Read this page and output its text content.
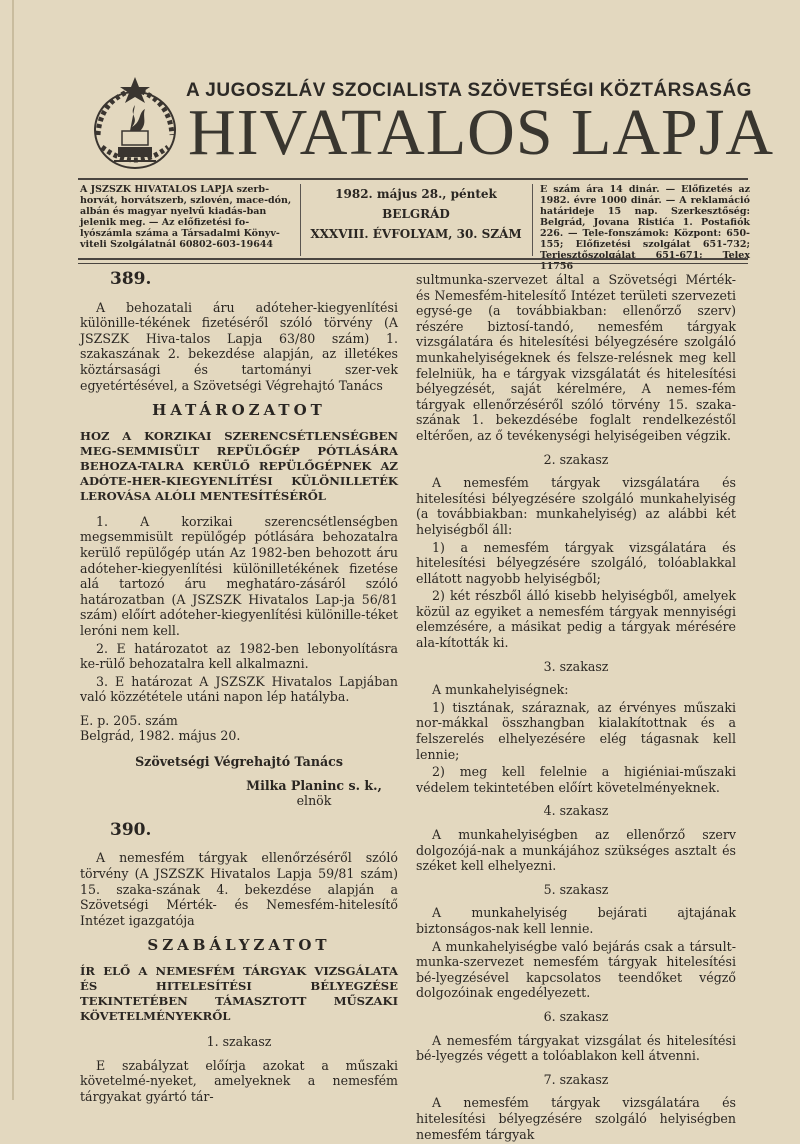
A JUGOSZLÁV SZOCIALISTA SZÖVETSÉGI KÖZTÁRSASÁG
HIVATALOS LAPJA
A JSZSZK HIVATALOS LAPJA szerb-horvát, horvátszerb, szlovén, mace-dón, albán és magyar nyelvű kiadás-ban jelenik meg. — Az előfizetési fo-lyószámla száma a Társadalmi Könyv-viteli Szolgálatnál 60802-603-19644
1982. május 28., péntek
BELGRÁD
XXXVIII. ÉVFOLYAM, 30. SZÁM
E szám ára 14 dinár. — Előfizetés az 1982. évre 1000 dinár. — A reklamáció határideje 15 nap. Szerkesztőség: Belgrád, Jovana Ristića 1. Postafiók 226. — Tele-fonszámok: Központ: 650-155; Előfizetési szolgálat 651-732; Terjesztőszolgálat 651-671; Telex 11756
389.

A behozatali áru adóteher-kiegyenlítési különille-tékének fizetéséről szóló törvény (A JSZSZK Hiva-talos Lapja 63/80 szám) 1. szakaszának 2. bekezdése alapján, az illetékes köztársasági és tartományi szer-vek egyetértésével, a Szövetségi Végrehajtó Tanács

HATÁROZATOT
HOZ A KORZIKAI SZERENCSÉTLENSÉGBEN MEG-SEMMISÜLT REPÜLŐGÉP PÓTLÁSÁRA BEHOZA-TALRA KERÜLŐ REPÜLŐGÉPNEK AZ ADÓTE-HER-KIEGYENLÍTÉSI KÜLÖNILLETÉK LEROVÁSA ALÓLI MENTESÍTÉSÉRŐL

1. A korzikai szerencsétlenségben megsemmisült repülőgép pótlására behozatalra kerülő repülőgép után Az 1982-ben behozott áru adóteher-kiegyenlítési különilletékének fizetése alá tartozó áru meghatáro-zásáról szóló határozatban (A JSZSZK Hivatalos Lap-ja 56/81 szám) előírt adóteher-kiegyenlítési különille-téket leróni nem kell.

2. E határozatot az 1982-ben lebonyolításra ke-rülő behozatalra kell alkalmazni.

3. E határozat A JSZSZK Hivatalos Lapjában való közzététele utáni napon lép hatályba.

E. p. 205. szám
Belgrád, 1982. május 20.
Szövetségi Végrehajtó Tanács
Milka Planinc s. k.,
elnök
390.

A nemesfém tárgyak ellenőrzéséről szóló törvény (A JSZSZK Hivatalos Lapja 59/81 szám) 15. szaka-szának 4. bekezdése alapján a Szövetségi Mérték- és Nemesfém-hitelesítő Intézet igazgatója

SZABÁLYZATOT
ÍR ELŐ A NEMESFÉM TÁRGYAK VIZSGÁLATA ÉS HITELESÍTÉSI BÉLYEGZÉSE TEKINTETÉBEN TÁMASZTOTT MŰSZAKI KÖVETELMÉNYEKRŐL
1. szakasz

E szabályzat előírja azokat a műszaki követelmé-nyeket, amelyeknek a nemesfém tárgyakat gyártó tár-

sultmunka-szervezet által a Szövetségi Mérték- és Nemesfém-hitelesítő Intézet területi szervezeti egysé-ge (a továbbiakban: ellenőrző szerv) részére biztosí-tandó, nemesfém tárgyak vizsgálatára és hitelesítési bélyegzésére szolgáló munkahelyiségeknek és felsze-relésnek meg kell felelniük, ha e tárgyak vizsgálatát és hitelesítési bélyegzését, saját kérelmére, A nemes-fém tárgyak ellenőrzéséről szóló törvény 15. szaka-szának 1. bekezdésébe foglalt rendelkezéstől eltérően, az ő tevékenységi helyiségeiben végzik.

2. szakasz

A nemesfém tárgyak vizsgálatára és hitelesítési bélyegzésére szolgáló munkahelyiség (a továbbiakban: munkahelyiség) az alábbi két helyiségből áll:

1) a nemesfém tárgyak vizsgálatára és hitelesítési bélyegzésére szolgáló, tolóablakkal ellátott nagyobb helyiségből;

2) két részből álló kisebb helyiségből, amelyek közül az egyiket a nemesfém tárgyak mennyiségi elemzésére, a másikat pedig a tárgyak mérésére ala-kították ki.

3. szakasz

A munkahelyiségnek:

1) tisztának, száraznak, az érvényes műszaki nor-mákkal összhangban kialakítottnak és a felszerelés elhelyezésére elég tágasnak kell lennie;

2) meg kell felelnie a higiéniai-műszaki védelem tekintetében előírt követelményeknek.

4. szakasz

A munkahelyiségben az ellenőrző szerv dolgozójá-nak a munkájához szükséges asztalt és széket kell elhelyezni.

5. szakasz

A munkahelyiség bejárati ajtajának biztonságos-nak kell lennie.

A munkahelyiségbe való bejárás csak a társult-munka-szervezet nemesfém tárgyak hitelesítési bé-lyegzésével kapcsolatos teendőket végző dolgozóinak engedélyezett.

6. szakasz

A nemesfém tárgyakat vizsgálat és hitelesítési bé-lyegzés végett a tolóablakon kell átvenni.

7. szakasz

A nemesfém tárgyak vizsgálatára és hitelesítési bélyegzésére szolgáló helyiségben nemesfém tárgyak
